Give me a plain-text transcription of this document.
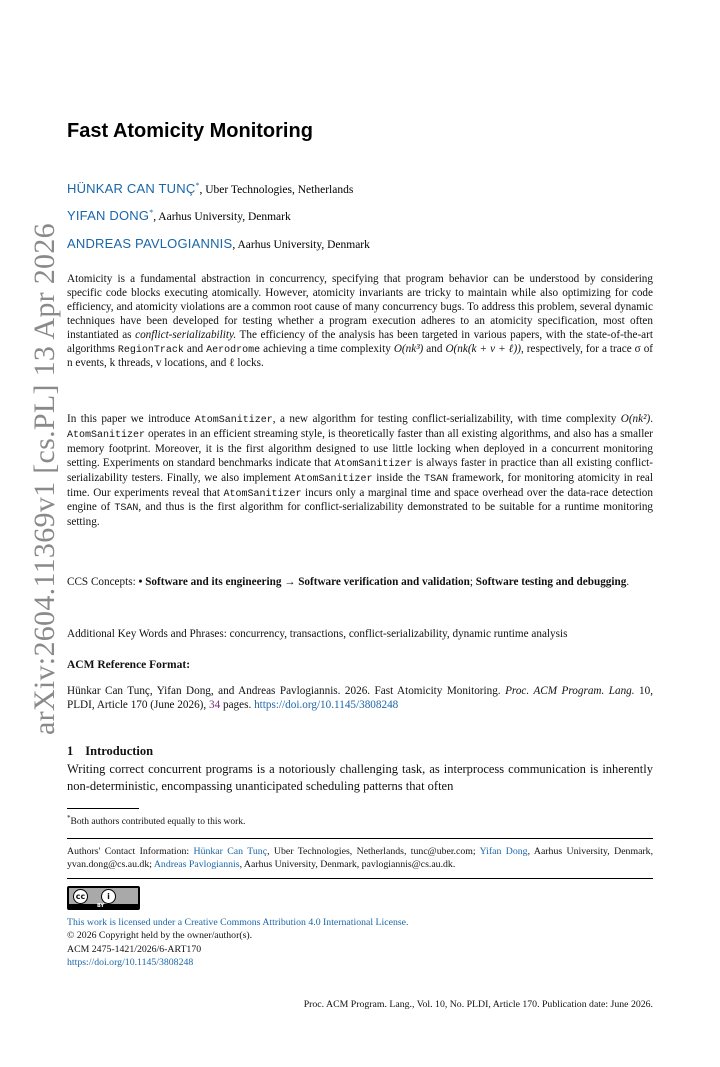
Fast Atomicity Monitoring
HÜNKAR CAN TUNÇ*, Uber Technologies, Netherlands
YIFAN DONG*, Aarhus University, Denmark
ANDREAS PAVLOGIANNIS, Aarhus University, Denmark
arXiv:2604.11369v1 [cs.PL] 13 Apr 2026 Atomicity is a fundamental abstraction in concurrency, specifying that program behavior can be understood by considering specific code blocks executing atomically. However, atomicity invariants are tricky to maintain while also optimizing for code efficiency, and atomicity violations are a common root cause of many concurrency bugs. To address this problem, several dynamic techniques have been developed for testing whether a program execution adheres to an atomicity specification, most often instantiated as conflict-serializability. The efficiency of the analysis has been targeted in various papers, with the state-of-the-art algorithms RegionTrack and Aerodrome achieving a time complexity O(nk³) and O(nk(k + v + ℓ)), respectively, for a trace σ of n events, k threads, v locations, and ℓ locks.

In this paper we introduce AtomSanitizer, a new algorithm for testing conflict-serializability, with time complexity O(nk²). AtomSanitizer operates in an efficient streaming style, is theoretically faster than all existing algorithms, and also has a smaller memory footprint. Moreover, it is the first algorithm designed to use little locking when deployed in a concurrent monitoring setting. Experiments on standard benchmarks indicate that AtomSanitizer is always faster in practice than all existing conflict-serializability testers. Finally, we also implement AtomSanitizer inside the TSAN framework, for monitoring atomicity in real time. Our experiments reveal that AtomSanitizer incurs only a marginal time and space overhead over the data-race detection engine of TSAN, and thus is the first algorithm for conflict-serializability demonstrated to be suitable for a runtime monitoring setting.

CCS Concepts: • Software and its engineering → Software verification and validation; Software testing and debugging.
Additional Key Words and Phrases: concurrency, transactions, conflict-serializability, dynamic runtime analysis
ACM Reference Format:
Hünkar Can Tunç, Yifan Dong, and Andreas Pavlogiannis. 2026. Fast Atomicity Monitoring. Proc. ACM Program. Lang. 10, PLDI, Article 170 (June 2026), 34 pages. https://doi.org/10.1145/3808248
1 Introduction
Writing correct concurrent programs is a notoriously challenging task, as interprocess communication is inherently non-deterministic, encompassing unanticipated scheduling patterns that often
*Both authors contributed equally to this work.
Authors' Contact Information: Hünkar Can Tunç, Uber Technologies, Netherlands, tunc@uber.com; Yifan Dong, Aarhus University, Denmark, yvan.dong@cs.au.dk; Andreas Pavlogiannis, Aarhus University, Denmark, pavlogiannis@cs.au.dk.
cc	i
BY
This work is licensed under a Creative Commons Attribution 4.0 International License.
© 2026 Copyright held by the owner/author(s).
ACM 2475-1421/2026/6-ART170
https://doi.org/10.1145/3808248
Proc. ACM Program. Lang., Vol. 10, No. PLDI, Article 170. Publication date: June 2026.
